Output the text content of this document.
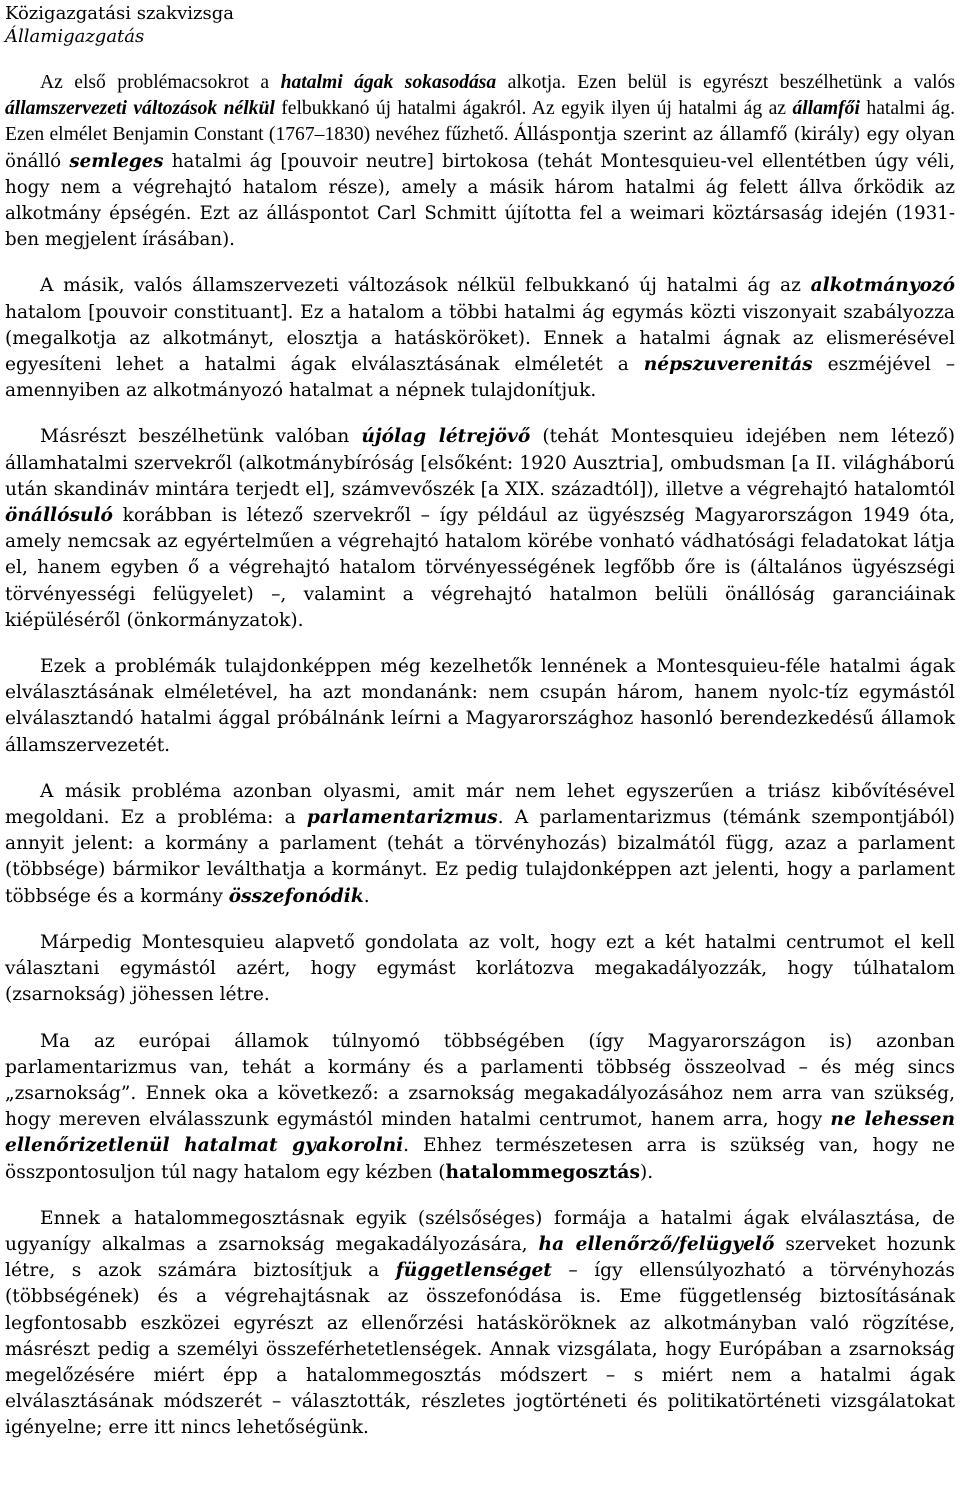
Közigazgatási szakvizsga
Államigazgatás

Az első problémacsokrot a hatalmi ágak sokasodása alkotja. Ezen belül is egyrészt beszélhetünk a valós államszervezeti változások nélkül felbukkanó új hatalmi ágakról. Az egyik ilyen új hatalmi ág az államfői hatalmi ág. Ezen elmélet Benjamin Constant (1767–1830) nevéhez fűzhető. Álláspontja szerint az államfő (király) egy olyan önálló semleges hatalmi ág [pouvoir neutre] birtokosa (tehát Montesquieu-vel ellentétben úgy véli, hogy nem a végrehajtó hatalom része), amely a másik három hatalmi ág felett állva őrködik az alkotmány épségén. Ezt az álláspontot Carl Schmitt újította fel a weimari köztársaság idején (1931-ben megjelent írásában).

A másik, valós államszervezeti változások nélkül felbukkanó új hatalmi ág az alkotmányozó hatalom [pouvoir constituant]. Ez a hatalom a többi hatalmi ág egymás közti viszonyait szabályozza (megalkotja az alkotmányt, elosztja a hatásköröket). Ennek a hatalmi ágnak az elismerésével egyesíteni lehet a hatalmi ágak elválasztásának elméletét a népszuverenitás eszméjével – amennyiben az alkotmányozó hatalmat a népnek tulajdonítjuk.

Másrészt beszélhetünk valóban újólag létrejövő (tehát Montesquieu idejében nem létező) államhatalmi szervekről (alkotmánybíróság [elsőként: 1920 Ausztria], ombudsman [a II. világháború után skandináv mintára terjedt el], számvevőszék [a XIX. századtól]), illetve a végrehajtó hatalomtól önállósuló korábban is létező szervekről – így például az ügyészség Magyarországon 1949 óta, amely nemcsak az egyértelműen a végrehajtó hatalom körébe vonható vádhatósági feladatokat látja el, hanem egyben ő a végrehajtó hatalom törvényességének legfőbb őre is (általános ügyészségi törvényességi felügyelet) –, valamint a végrehajtó hatalmon belüli önállóság garanciáinak kiépüléséről (önkormányzatok).

Ezek a problémák tulajdonképpen még kezelhetők lennének a Montesquieu-féle hatalmi ágak elválasztásának elméletével, ha azt mondanánk: nem csupán három, hanem nyolc-tíz egymástól elválasztandó hatalmi ággal próbálnánk leírni a Magyarországhoz hasonló berendezkedésű államok államszervezetét.

A másik probléma azonban olyasmi, amit már nem lehet egyszerűen a triász kibővítésével megoldani. Ez a probléma: a parlamentarizmus. A parlamentarizmus (témánk szempontjából) annyit jelent: a kormány a parlament (tehát a törvényhozás) bizalmától függ, azaz a parlament (többsége) bármikor leválthatja a kormányt. Ez pedig tulajdonképpen azt jelenti, hogy a parlament többsége és a kormány összefonódik.

Márpedig Montesquieu alapvető gondolata az volt, hogy ezt a két hatalmi centrumot el kell választani egymástól azért, hogy egymást korlátozva megakadályozzák, hogy túlhatalom (zsarnokság) jöhessen létre.

Ma az európai államok túlnyomó többségében (így Magyarországon is) azonban parlamentarizmus van, tehát a kormány és a parlamenti többség összeolvad – és még sincs „zsarnokság”. Ennek oka a következő: a zsarnokság megakadályozásához nem arra van szükség, hogy mereven elválasszunk egymástól minden hatalmi centrumot, hanem arra, hogy ne lehessen ellenőrizetlenül hatalmat gyakorolni. Ehhez természetesen arra is szükség van, hogy ne összpontosuljon túl nagy hatalom egy kézben (hatalommegosztás).

Ennek a hatalommegosztásnak egyik (szélsőséges) formája a hatalmi ágak elválasztása, de ugyanígy alkalmas a zsarnokság megakadályozására, ha ellenőrző/felügyelő szerveket hozunk létre, s azok számára biztosítjuk a függetlenséget – így ellensúlyozható a törvényhozás (többségének) és a végrehajtásnak az összefonódása is. Eme függetlenség biztosításának legfontosabb eszközei egyrészt az ellenőrzési hatásköröknek az alkotmányban való rögzítése, másrészt pedig a személyi összeférhetetlenségek. Annak vizsgálata, hogy Európában a zsarnokság megelőzésére miért épp a hatalommegosztás módszert – s miért nem a hatalmi ágak elválasztásának módszerét – választották, részletes jogtörténeti és politikatörténeti vizsgálatokat igényelne; erre itt nincs lehetőségünk.
